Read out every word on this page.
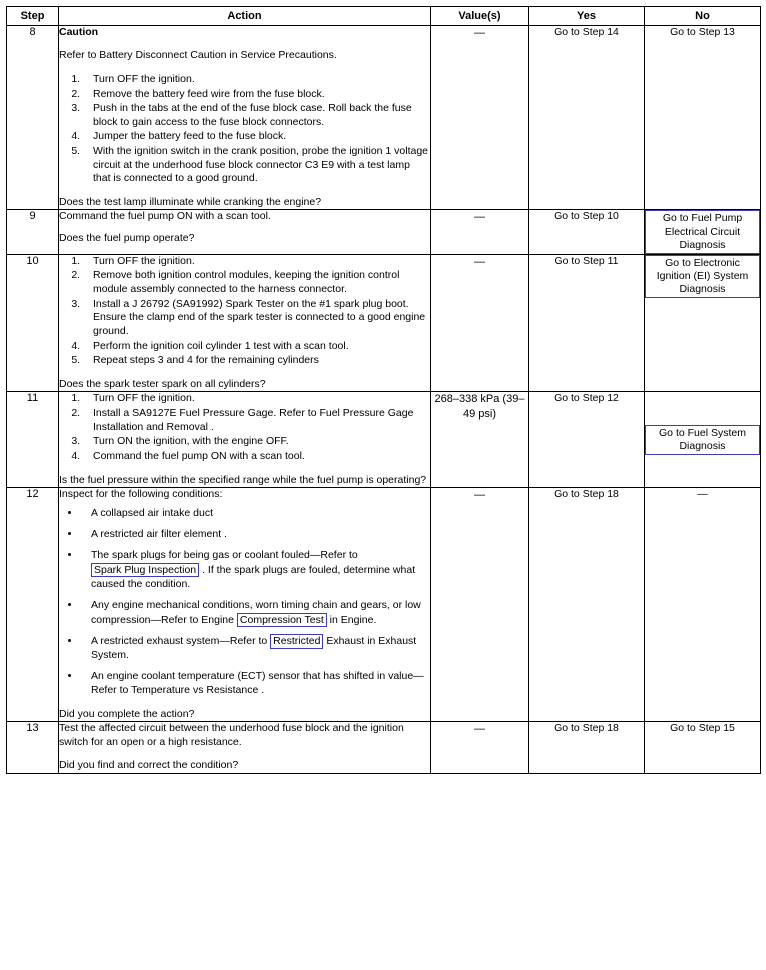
Step	Action	Value(s)	Yes	No
8	Caution
Refer to Battery Disconnect Caution in Service Precautions.
1. Turn OFF the ignition.
2. Remove the battery feed wire from the fuse block.
3. Push in the tabs at the end of the fuse block case. Roll back the fuse block to gain access to the fuse block connectors.
4. Jumper the battery feed to the fuse block.
5. With the ignition switch in the crank position, probe the ignition 1 voltage circuit at the underhood fuse block connector C3 E9 with a test lamp that is connected to a good ground.
Does the test lamp illuminate while cranking the engine?
	—	Go to Step 14	Go to Step 13
9	Command the fuel pump ON with a scan tool.
Does the fuel pump operate?	—	Go to Step 10	Go to Fuel Pump Electrical Circuit Diagnosis
10	
1.Turn OFF the ignition.
2. Remove both ignition control modules, keeping the ignition control module assembly connected to the harness connector.
3. Install a J 26792 (SA91992) Spark Tester on the #1 spark plug boot. Ensure the clamp end of the spark tester is connected to a good engine ground.
4. Perform the ignition coil cylinder 1 test with a scan tool.
5. Repeat steps 3 and 4 for the remaining cylinders
Does the spark tester spark on all cylinders?
	—	Go to Step 11	Go to Electronic Ignition (EI) System Diagnosis
11	
1.Turn OFF the ignition.
2. Install a SA9127E Fuel Pressure Gage. Refer to Fuel Pressure Gage Installation and Removal .
3. Turn ON the ignition, with the engine OFF.
4. Command the fuel pump ON with a scan tool.
Is the fuel pressure within the specified range while the fuel pump is operating?
	268–338 kPa (39–49 psi)	Go to Step 12	Go to Fuel System Diagnosis
12	Inspect for the following conditions:
• A collapsed air intake duct
• A restricted air filter element .
• The spark plugs for being gas or coolant fouled—Refer to Spark Plug Inspection . If the spark plugs are fouled, determine what caused the condition.
• Any engine mechanical conditions, worn timing chain and gears, or low compression—Refer to Engine Compression Test in Engine.
• A restricted exhaust system—Refer to Restricted Exhaust in Exhaust System.
• An engine coolant temperature (ECT) sensor that has shifted in value—Refer to Temperature vs Resistance .
Did you complete the action?
	—	Go to Step 18	—
13	Test the affected circuit between the underhood fuse block and the ignition switch for an open or a high resistance.
Did you find and correct the condition?	—	Go to Step 18	Go to Step 15
